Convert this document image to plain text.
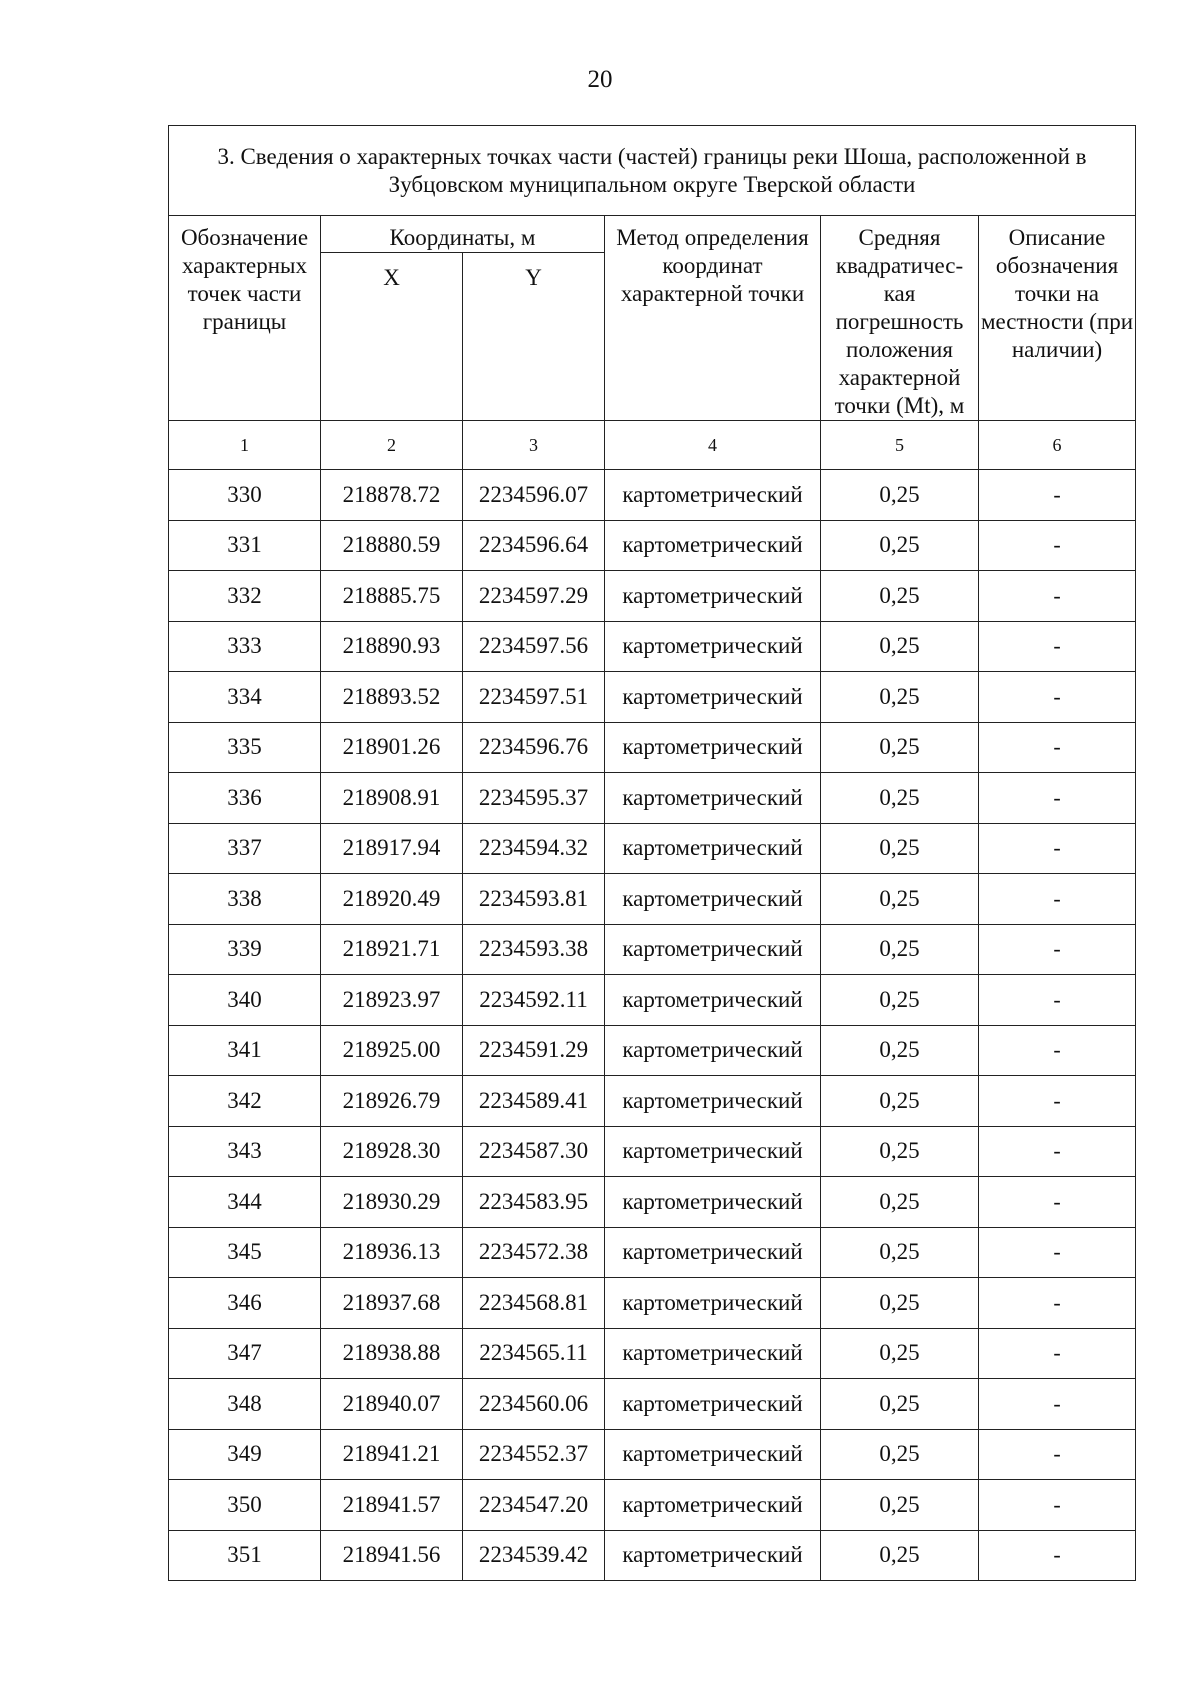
20
3. Сведения о характерных точках части (частей) границы реки Шоша, расположенной в Зубцовском муниципальном округе Тверской области					
Обозначение характерных точек части границы	Координаты, м		Метод определения координат характерной точки	Средняя квадратичес-кая погрешность положения характерной точки (Mt), м	Описание обозначения точки на местности (при наличии)
	X	Y			
1	2	3	4	5	6
330	218878.72	2234596.07	картометрический	0,25	-
331	218880.59	2234596.64	картометрический	0,25	-
332	218885.75	2234597.29	картометрический	0,25	-
333	218890.93	2234597.56	картометрический	0,25	-
334	218893.52	2234597.51	картометрический	0,25	-
335	218901.26	2234596.76	картометрический	0,25	-
336	218908.91	2234595.37	картометрический	0,25	-
337	218917.94	2234594.32	картометрический	0,25	-
338	218920.49	2234593.81	картометрический	0,25	-
339	218921.71	2234593.38	картометрический	0,25	-
340	218923.97	2234592.11	картометрический	0,25	-
341	218925.00	2234591.29	картометрический	0,25	-
342	218926.79	2234589.41	картометрический	0,25	-
343	218928.30	2234587.30	картометрический	0,25	-
344	218930.29	2234583.95	картометрический	0,25	-
345	218936.13	2234572.38	картометрический	0,25	-
346	218937.68	2234568.81	картометрический	0,25	-
347	218938.88	2234565.11	картометрический	0,25	-
348	218940.07	2234560.06	картометрический	0,25	-
349	218941.21	2234552.37	картометрический	0,25	-
350	218941.57	2234547.20	картометрический	0,25	-
351	218941.56	2234539.42	картометрический	0,25	-
